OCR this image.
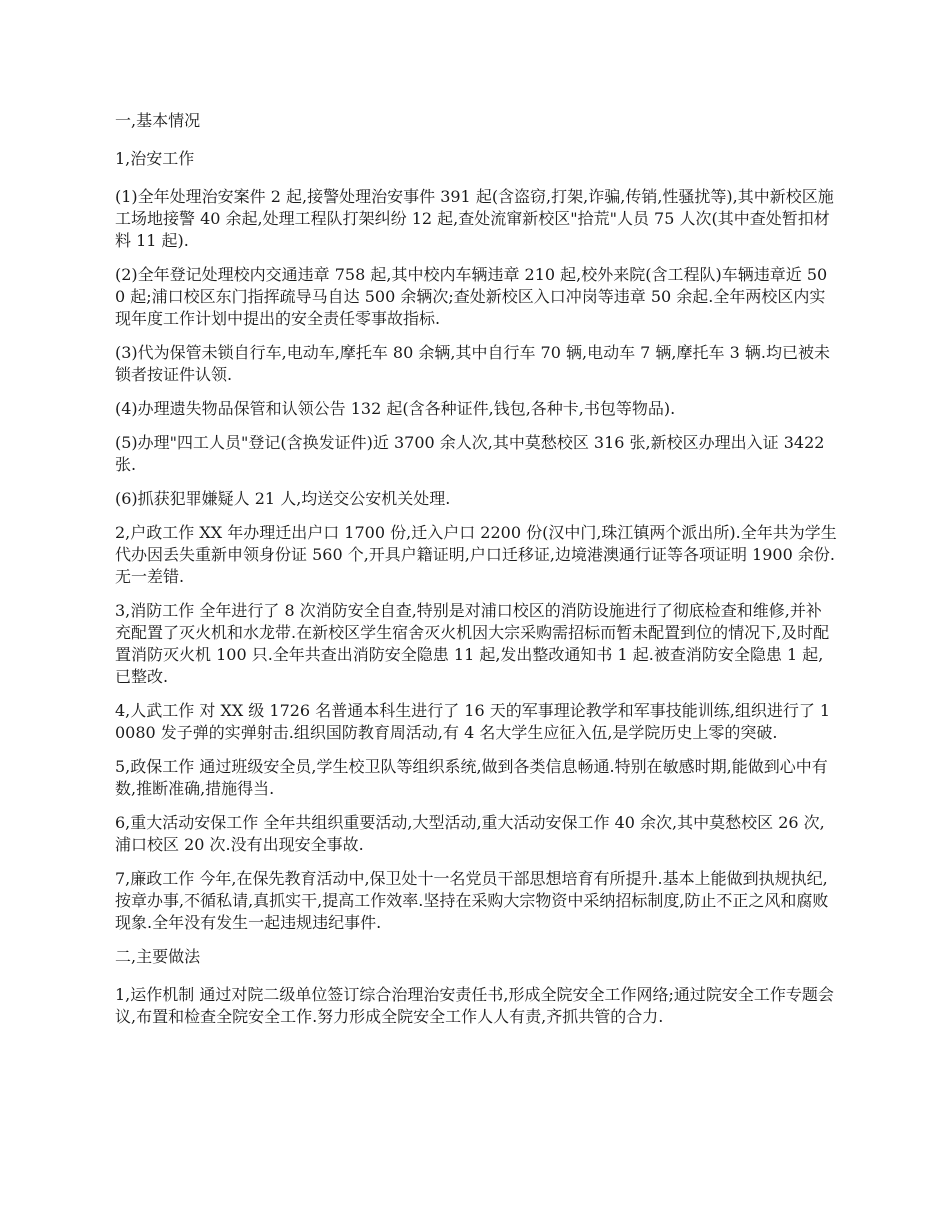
一,基本情况

1,治安工作

(1)全年处理治安案件 2 起,接警处理治安事件 391 起(含盗窃,打架,诈骗,传销,性骚扰等),其中新校区施工场地接警 40 余起,处理工程队打架纠纷 12 起,查处流窜新校区"拾荒"人员 75 人次(其中查处暂扣材料 11 起).

(2)全年登记处理校内交通违章 758 起,其中校内车辆违章 210 起,校外来院(含工程队)车辆违章近 500 起;浦口校区东门指挥疏导马自达 500 余辆次;查处新校区入口冲岗等违章 50 余起.全年两校区内实现年度工作计划中提出的安全责任零事故指标.

(3)代为保管未锁自行车,电动车,摩托车 80 余辆,其中自行车 70 辆,电动车 7 辆,摩托车 3 辆.均已被未锁者按证件认领.

(4)办理遗失物品保管和认领公告 132 起(含各种证件,钱包,各种卡,书包等物品).

(5)办理"四工人员"登记(含换发证件)近 3700 余人次,其中莫愁校区 316 张,新校区办理出入证 3422 张.

(6)抓获犯罪嫌疑人 21 人,均送交公安机关处理.

2,户政工作 XX 年办理迁出户口 1700 份,迁入户口 2200 份(汉中门,珠江镇两个派出所).全年共为学生代办因丢失重新申领身份证 560 个,开具户籍证明,户口迁移证,边境港澳通行证等各项证明 1900 余份.无一差错.

3,消防工作 全年进行了 8 次消防安全自查,特别是对浦口校区的消防设施进行了彻底检查和维修,并补充配置了灭火机和水龙带.在新校区学生宿舍灭火机因大宗采购需招标而暂未配置到位的情况下,及时配置消防灭火机 100 只.全年共查出消防安全隐患 11 起,发出整改通知书 1 起.被查消防安全隐患 1 起,已整改.

4,人武工作 对 XX 级 1726 名普通本科生进行了 16 天的军事理论教学和军事技能训练,组织进行了 10080 发子弹的实弹射击.组织国防教育周活动,有 4 名大学生应征入伍,是学院历史上零的突破.

5,政保工作 通过班级安全员,学生校卫队等组织系统,做到各类信息畅通.特别在敏感时期,能做到心中有数,推断准确,措施得当.

6,重大活动安保工作 全年共组织重要活动,大型活动,重大活动安保工作 40 余次,其中莫愁校区 26 次,浦口校区 20 次.没有出现安全事故.

7,廉政工作 今年,在保先教育活动中,保卫处十一名党员干部思想培育有所提升.基本上能做到执规执纪,按章办事,不循私请,真抓实干,提高工作效率.坚持在采购大宗物资中采纳招标制度,防止不正之风和腐败现象.全年没有发生一起违规违纪事件.

二,主要做法

1,运作机制 通过对院二级单位签订综合治理治安责任书,形成全院安全工作网络;通过院安全工作专题会议,布置和检查全院安全工作.努力形成全院安全工作人人有责,齐抓共管的合力.
